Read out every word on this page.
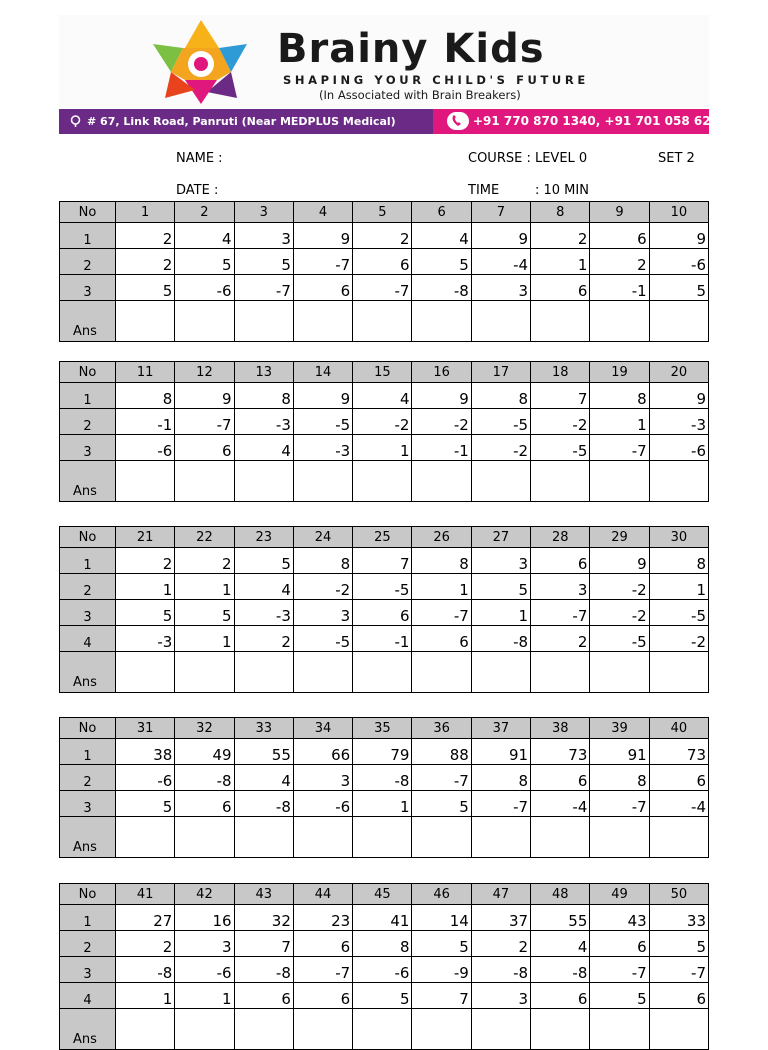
Brainy Kids
SHAPING YOUR CHILD'S FUTURE
(In Associated with Brain Breakers)
# 67, Link Road, Panruti (Near MEDPLUS Medical)	+91 770 870 1340, +91 701 058 6237
NAME :	COURSE : LEVEL 0	SET 2
DATE :	TIME	: 10 MIN
No	1	2	3	4	5	6	7	8	9	10
1	2	4	3	9	2	4	9	2	6	9
2	2	5	5	-7	6	5	-4	1	2	-6
3	5	-6	-7	6	-7	-8	3	6	-1	5
Ans										
No	11	12	13	14	15	16	17	18	19	20
1	8	9	8	9	4	9	8	7	8	9
2	-1	-7	-3	-5	-2	-2	-5	-2	1	-3
3	-6	6	4	-3	1	-1	-2	-5	-7	-6
Ans										
No	21	22	23	24	25	26	27	28	29	30
1	2	2	5	8	7	8	3	6	9	8
2	1	1	4	-2	-5	1	5	3	-2	1
3	5	5	-3	3	6	-7	1	-7	-2	-5
4	-3	1	2	-5	-1	6	-8	2	-5	-2
Ans										
No	31	32	33	34	35	36	37	38	39	40
1	38	49	55	66	79	88	91	73	91	73
2	-6	-8	4	3	-8	-7	8	6	8	6
3	5	6	-8	-6	1	5	-7	-4	-7	-4
Ans										
No	41	42	43	44	45	46	47	48	49	50
1	27	16	32	23	41	14	37	55	43	33
2	2	3	7	6	8	5	2	4	6	5
3	-8	-6	-8	-7	-6	-9	-8	-8	-7	-7
4	1	1	6	6	5	7	3	6	5	6
Ans										
